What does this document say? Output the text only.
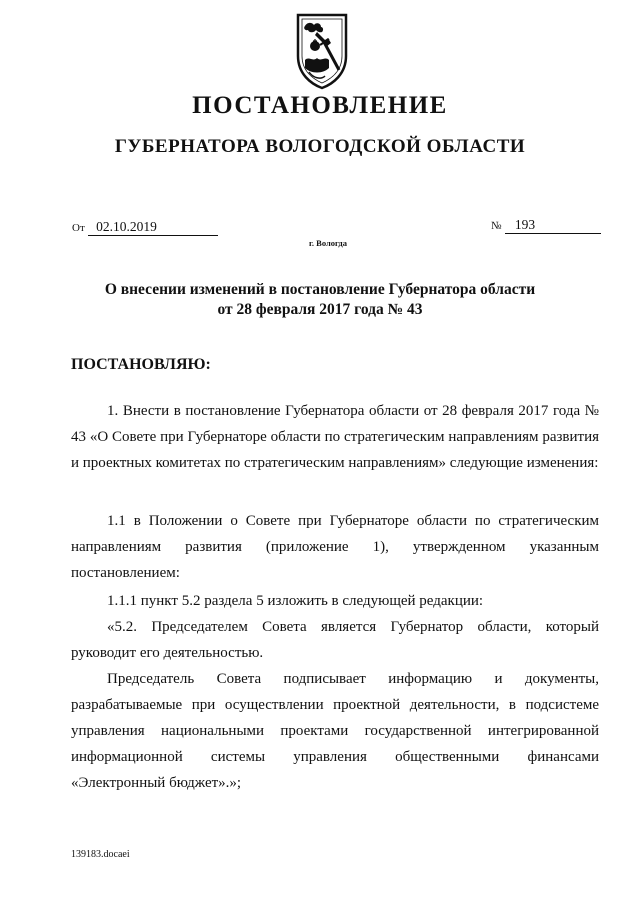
ПОСТАНОВЛЕНИЕ
ГУБЕРНАТОРА ВОЛОГОДСКОЙ ОБЛАСТИ
От 02.10.2019	№ 193
г. Вологда
О внесении изменений в постановление Губернатора области
от 28 февраля 2017 года № 43
ПОСТАНОВЛЯЮ:
1. Внести в постановление Губернатора области от 28 февраля 2017 года № 43 «О Совете при Губернаторе области по стратегическим направлениям развития и проектных комитетах по стратегическим направлениям» следующие изменения:
1.1 в Положении о Совете при Губернаторе области по стратегическим направлениям развития (приложение 1), утвержденном указанным постановлением:
1.1.1 пункт 5.2 раздела 5 изложить в следующей редакции:
«5.2. Председателем Совета является Губернатор области, который руководит его деятельностью.
Председатель Совета подписывает информацию и документы, разрабатываемые при осуществлении проектной деятельности, в подсистеме управления национальными проектами государственной интегрированной информационной системы управления общественными финансами «Электронный бюджет».»;
139183.docaei
